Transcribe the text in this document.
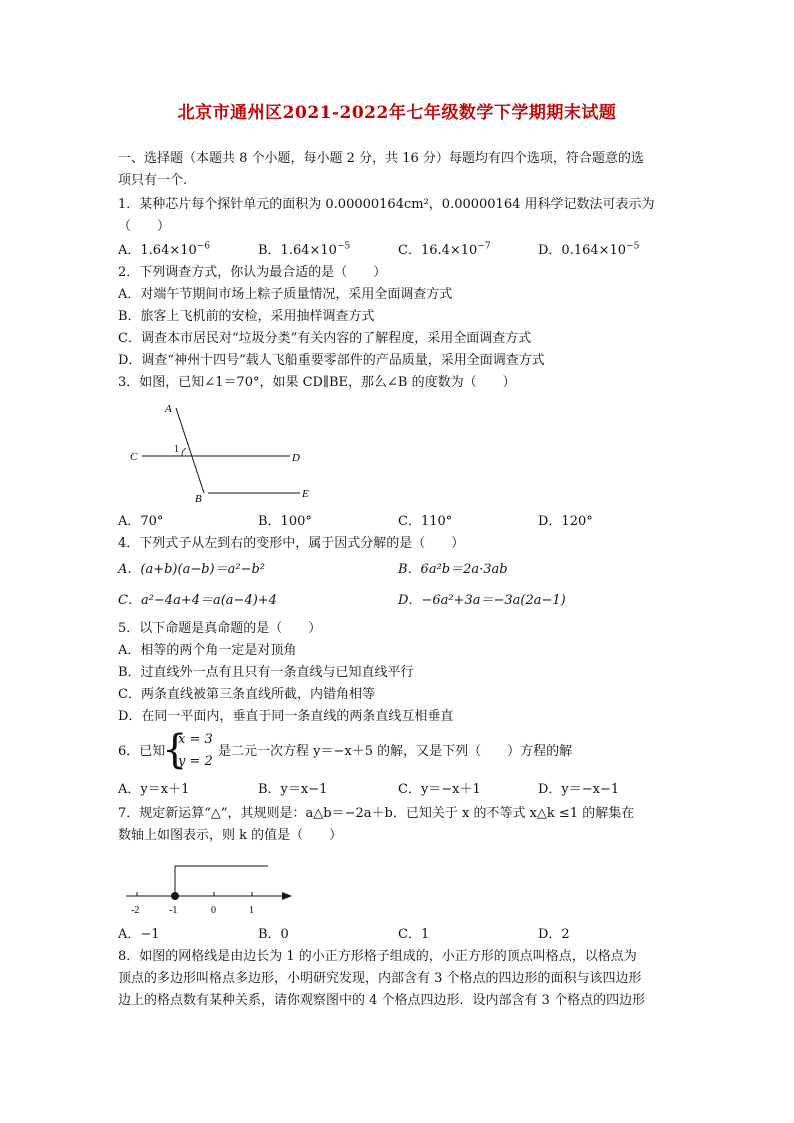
北京市通州区2021-2022年七年级数学下学期期末试题
一、选择题（本题共 8 个小题，每小题 2 分，共 16 分）每题均有四个选项，符合题意的选
项只有一个.
1．某种芯片每个探针单元的面积为 0.00000164cm²，0.00000164 用科学记数法可表示为
（　　）
A．$1.64\times 10^{-6}$	B．$1.64\times 10^{-5}$	C．$16.4\times 10^{-7}$	D．$0.164\times 10^{-5}$
2．下列调查方式，你认为最合适的是（　　）
A．对端午节期间市场上粽子质量情况，采用全面调查方式
B．旅客上飞机前的安检，采用抽样调查方式
C．调查本市居民对“垃圾分类”有关内容的了解程度，采用全面调查方式
D．调查“神州十四号”载人飞船重要零部件的产品质量，采用全面调查方式
3．如图，已知∠1＝70°，如果 CD∥BE，那么∠B 的度数为（　　）
A
C	D
B	E
1
A．70°	B．100°	C．110°	D．120°
4．下列式子从左到右的变形中，属于因式分解的是（　　）
A．(a+b)(a−b)＝a²−b²	B．6a²b＝2a·3ab
C．a²−4a+4＝a(a−4)+4	D．−6a²+3a＝−3a(2a−1)
5．以下命题是真命题的是（　　）
A．相等的两个角一定是对顶角
B．过直线外一点有且只有一条直线与已知直线平行
C．两条直线被第三条直线所截，内错角相等
D．在同一平面内，垂直于同一条直线的两条直线互相垂直
6．已知
{
x = 3
y = 2
是二元一次方程 y＝−x＋5 的解，又是下列（　　）方程的解
A．y＝x＋1	B．y＝x−1	C．y＝−x＋1	D．y＝−x−1
7．规定新运算“△”，其规则是：a△b＝−2a＋b．已知关于 x 的不等式 x△k ≤1 的解集在
数轴上如图表示，则 k 的值是（　　）
-2	-1	0	1
A．−1	B．0	C．1	D．2
8．如图的网格线是由边长为 1 的小正方形格子组成的，小正方形的顶点叫格点，以格点为
顶点的多边形叫格点多边形，小明研究发现，内部含有 3 个格点的四边形的面积与该四边形
边上的格点数有某种关系，请你观察图中的 4 个格点四边形．设内部含有 3 个格点的四边形
